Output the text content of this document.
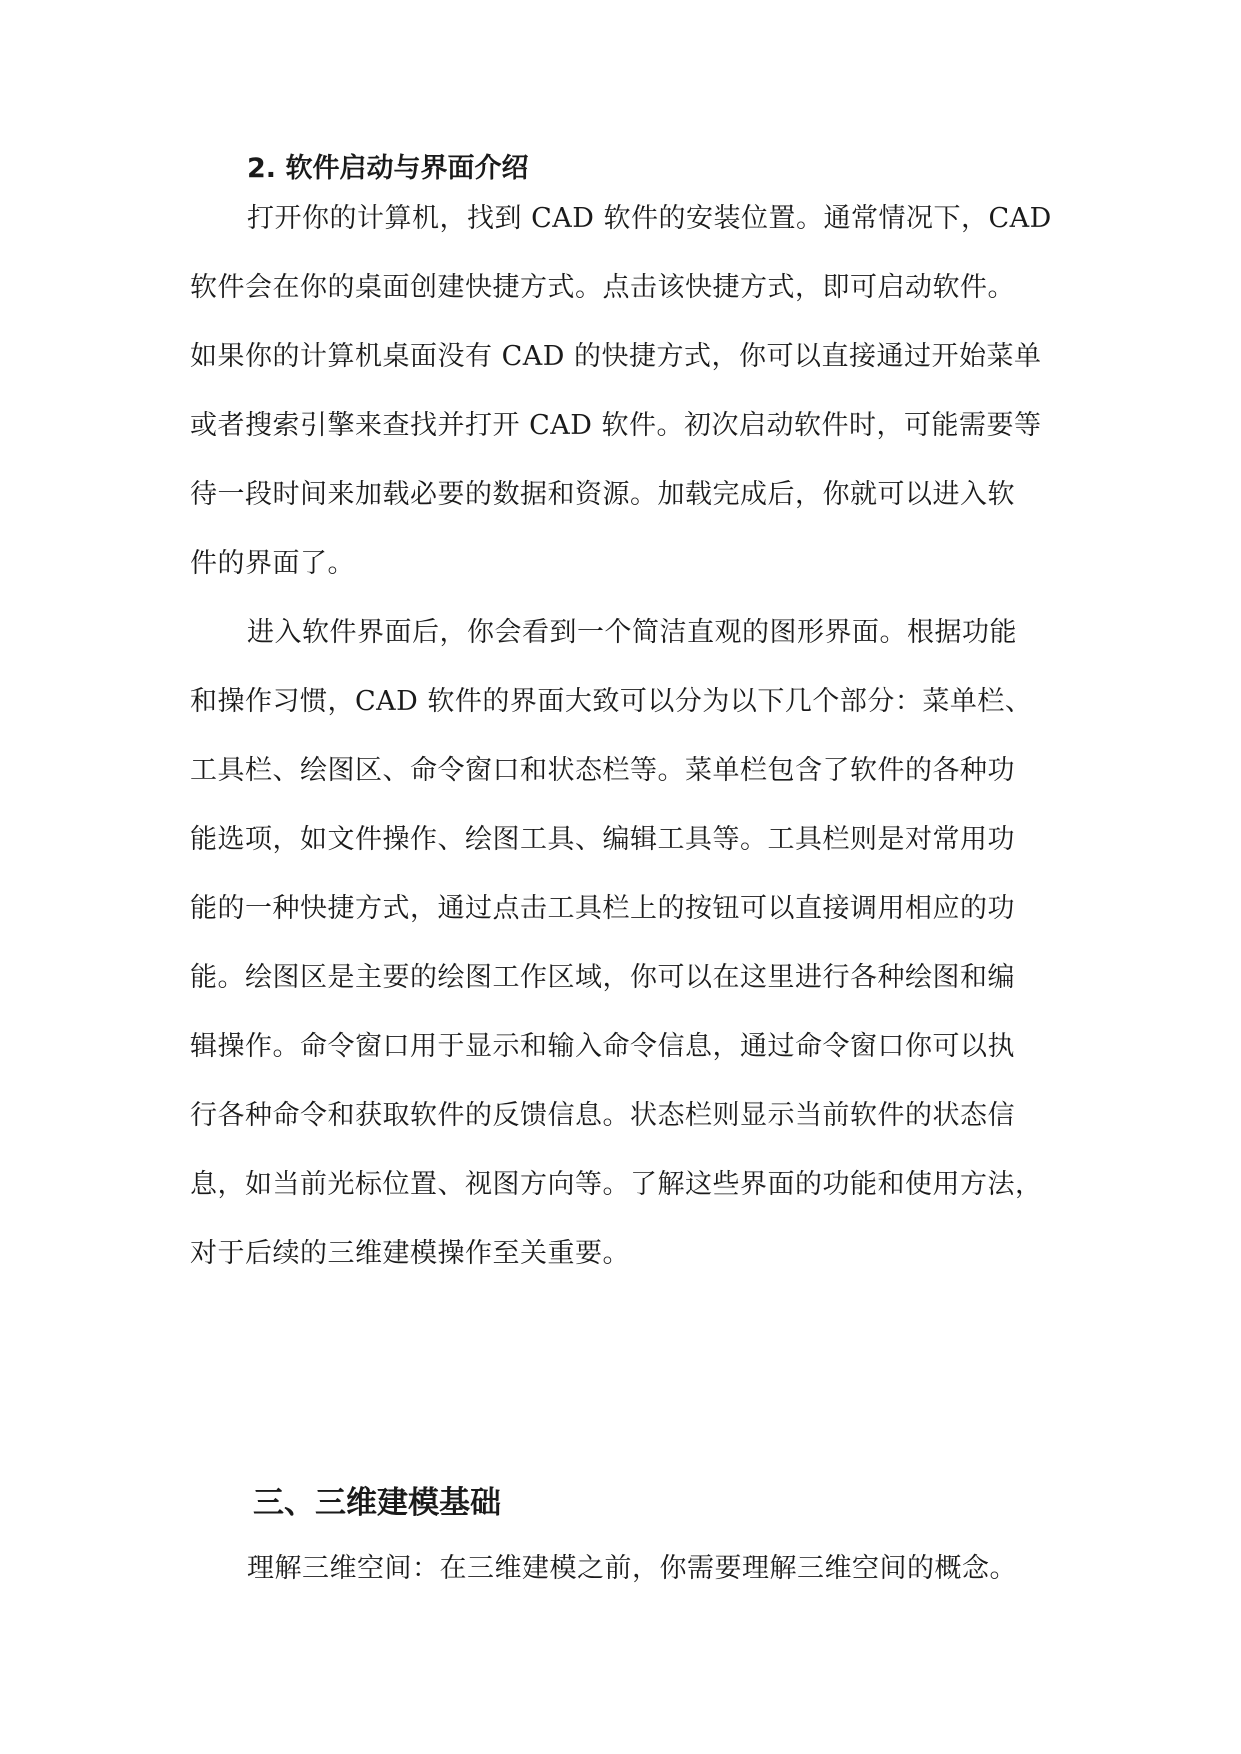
2. 软件启动与界面介绍
打开你的计算机，找到 CAD 软件的安装位置。通常情况下，CAD
软件会在你的桌面创建快捷方式。点击该快捷方式，即可启动软件。
如果你的计算机桌面没有 CAD 的快捷方式，你可以直接通过开始菜单
或者搜索引擎来查找并打开 CAD 软件。初次启动软件时，可能需要等
待一段时间来加载必要的数据和资源。加载完成后，你就可以进入软
件的界面了。
进入软件界面后，你会看到一个简洁直观的图形界面。根据功能
和操作习惯，CAD 软件的界面大致可以分为以下几个部分：菜单栏、
工具栏、绘图区、命令窗口和状态栏等。菜单栏包含了软件的各种功
能选项，如文件操作、绘图工具、编辑工具等。工具栏则是对常用功
能的一种快捷方式，通过点击工具栏上的按钮可以直接调用相应的功
能。绘图区是主要的绘图工作区域，你可以在这里进行各种绘图和编
辑操作。命令窗口用于显示和输入命令信息，通过命令窗口你可以执
行各种命令和获取软件的反馈信息。状态栏则显示当前软件的状态信
息，如当前光标位置、视图方向等。了解这些界面的功能和使用方法，
对于后续的三维建模操作至关重要。
三、三维建模基础
理解三维空间：在三维建模之前，你需要理解三维空间的概念。
